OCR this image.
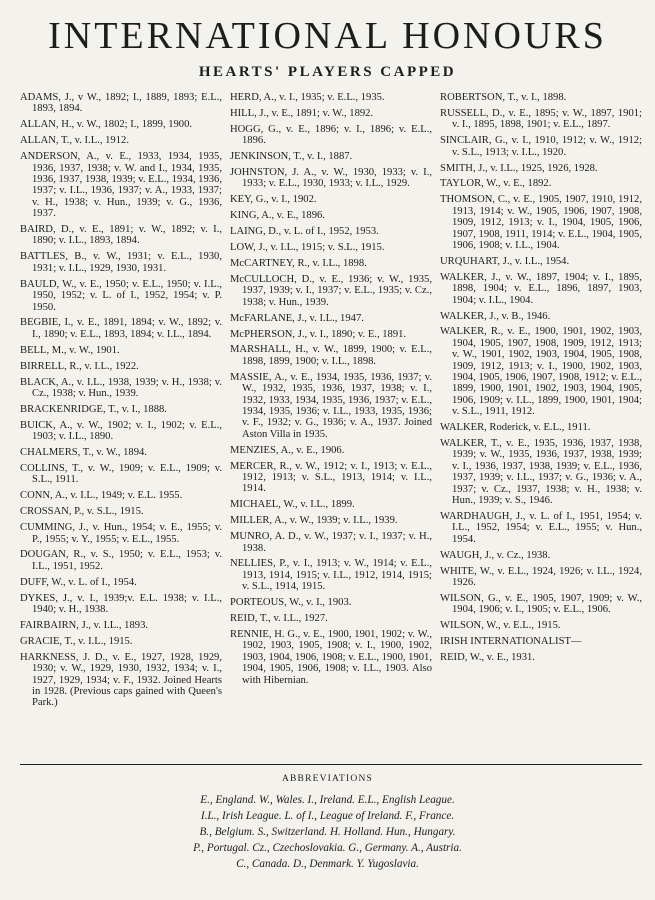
INTERNATIONAL HONOURS
HEARTS' PLAYERS CAPPED

ADAMS, J., v W., 1892; I., 1889, 1893; E.L., 1893, 1894.

ALLAN, H., v. W., 1802; I., 1899, 1900.

ALLAN, T., v. I.L., 1912.

ANDERSON, A., v. E., 1933, 1934, 1935, 1936, 1937, 1938; v. W. and I., 1934, 1935, 1936, 1937, 1938, 1939; v. E.L., 1934, 1936, 1937; v. I.L., 1936, 1937; v. A., 1933, 1937; v. H., 1938; v. Hun., 1939; v. G., 1936, 1937.

BAIRD, D., v. E., 1891; v. W., 1892; v. I., 1890; v. I.L., 1893, 1894.

BATTLES, B., v. W., 1931; v. E.L., 1930, 1931; v. I.L., 1929, 1930, 1931.

BAULD, W., v. E., 1950; v. E.L., 1950; v. I.L., 1950, 1952; v. L. of I., 1952, 1954; v. P. 1950.

BEGBIE, I., v. E., 1891, 1894; v. W., 1892; v. I., 1890; v. E.L., 1893, 1894; v. I.L., 1894.

BELL, M., v. W., 1901.

BIRRELL, R., v. I.L., 1922.

BLACK, A., v. I.L., 1938, 1939; v. H., 1938; v. Cz., 1938; v. Hun., 1939.

BRACKENRIDGE, T., v. I., 1888.

BUICK, A., v. W., 1902; v. I., 1902; v. E.L., 1903; v. I.L., 1890.

CHALMERS, T., v. W., 1894.

COLLINS, T., v. W., 1909; v. E.L., 1909; v. S.L., 1911.

CONN, A., v. I.L., 1949; v. E.L. 1955.

CROSSAN, P., v. S.L., 1915.

CUMMING, J., v. Hun., 1954; v. E., 1955; v. P., 1955; v. Y., 1955; v. E.L., 1955.

DOUGAN, R., v. S., 1950; v. E.L., 1953; v. I.L., 1951, 1952.

DUFF, W., v. L. of I., 1954.

DYKES, J., v. I., 1939;v. E.L. 1938; v. I.L., 1940; v. H., 1938.

FAIRBAIRN, J., v. I.L., 1893.

GRACIE, T., v. I.L., 1915.

HARKNESS, J. D., v. E., 1927, 1928, 1929, 1930; v. W., 1929, 1930, 1932, 1934; v. I., 1927, 1929, 1934; v. F., 1932. Joined Hearts in 1928. (Previous caps gained with Queen's Park.)

HERD, A., v. I., 1935; v. E.L., 1935.

HILL, J., v. E., 1891; v. W., 1892.

HOGG, G., v. E., 1896; v. I., 1896; v. E.L., 1896.

JENKINSON, T., v. I., 1887.

JOHNSTON, J. A., v. W., 1930, 1933; v. I., 1933; v. E.L., 1930, 1933; v. I.L., 1929.

KEY, G., v. I., 1902.

KING, A., v. E., 1896.

LAING, D., v. L. of I., 1952, 1953.

LOW, J., v. I.L., 1915; v. S.L., 1915.

McCARTNEY, R., v. I.L., 1898.

McCULLOCH, D., v. E., 1936; v. W., 1935, 1937, 1939; v. I., 1937; v. E.L., 1935; v. Cz., 1938; v. Hun., 1939.

McFARLANE, J., v. I.L., 1947.

McPHERSON, J., v. I., 1890; v. E., 1891.

MARSHALL, H., v. W., 1899, 1900; v. E.L., 1898, 1899, 1900; v. I.L., 1898.

MASSIE, A., v. E., 1934, 1935, 1936, 1937; v. W., 1932, 1935, 1936, 1937, 1938; v. I., 1932, 1933, 1934, 1935, 1936, 1937; v. E.L., 1934, 1935, 1936; v. I.L., 1933, 1935, 1936; v. F., 1932; v. G., 1936; v. A., 1937. Joined Aston Villa in 1935.

MENZIES, A., v. E., 1906.

MERCER, R., v. W., 1912; v. I., 1913; v. E.L., 1912, 1913; v. S.L., 1913, 1914; v. I.L., 1914.

MICHAEL, W., v. I.L., 1899.

MILLER, A., v. W., 1939; v. I.L., 1939.

MUNRO, A. D., v. W., 1937; v. I., 1937; v. H., 1938.

NELLIES, P., v. I., 1913; v. W., 1914; v. E.L., 1913, 1914, 1915; v. I.L., 1912, 1914, 1915; v. S.L., 1914, 1915.

PORTEOUS, W., v. I., 1903.

REID, T., v. I.L., 1927.

RENNIE, H. G., v. E., 1900, 1901, 1902; v. W., 1902, 1903, 1905, 1908; v. I., 1900, 1902, 1903, 1904, 1906, 1908; v. E.L., 1900, 1901, 1904, 1905, 1906, 1908; v. I.L., 1903. Also with Hibernian.

ROBERTSON, T., v. I., 1898.

RUSSELL, D., v. E., 1895; v. W., 1897, 1901; v. I., 1895, 1898, 1901; v. E.L., 1897.

SINCLAIR, G., v. I., 1910, 1912; v. W., 1912; v. S.L., 1913; v. I.L., 1920.

SMITH, J., v. I.L., 1925, 1926, 1928.

TAYLOR, W., v. E., 1892.

THOMSON, C., v. E., 1905, 1907, 1910, 1912, 1913, 1914; v. W., 1905, 1906, 1907, 1908, 1909, 1912, 1913; v. I., 1904, 1905, 1906, 1907, 1908, 1911, 1914; v. E.L., 1904, 1905, 1906, 1908; v. I.L., 1904.

URQUHART, J., v. I.L., 1954.

WALKER, J., v. W., 1897, 1904; v. I., 1895, 1898, 1904; v. E.L., 1896, 1897, 1903, 1904; v. I.L., 1904.

WALKER, J., v. B., 1946.

WALKER, R., v. E., 1900, 1901, 1902, 1903, 1904, 1905, 1907, 1908, 1909, 1912, 1913; v. W., 1901, 1902, 1903, 1904, 1905, 1908, 1909, 1912, 1913; v. I., 1900, 1902, 1903, 1904, 1905, 1906, 1907, 1908, 1912; v. E.L., 1899, 1900, 1901, 1902, 1903, 1904, 1905, 1906, 1909; v. I.L., 1899, 1900, 1901, 1904; v. S.L., 1911, 1912.

WALKER, Roderick, v. E.L., 1911.

WALKER, T., v. E., 1935, 1936, 1937, 1938, 1939; v. W., 1935, 1936, 1937, 1938, 1939; v. I., 1936, 1937, 1938, 1939; v. E.L., 1936, 1937, 1939; v. I.L., 1937; v. G., 1936; v. A., 1937; v. Cz., 1937, 1938; v. H., 1938; v. Hun., 1939; v. S., 1946.

WARDHAUGH, J., v. L. of I., 1951, 1954; v. I.L., 1952, 1954; v. E.L., 1955; v. Hun., 1954.

WAUGH, J., v. Cz., 1938.

WHITE, W., v. E.L., 1924, 1926; v. I.L., 1924, 1926.

WILSON, G., v. E., 1905, 1907, 1909; v. W., 1904, 1906; v. I., 1905; v. E.L., 1906.

WILSON, W., v. E.L., 1915.

IRISH INTERNATIONALIST—

REID, W., v. E., 1931.

ABBREVIATIONS

E., England. W., Wales. I., Ireland. E.L., English League.

I.L., Irish League. L. of I., League of Ireland. F., France.

B., Belgium. S., Switzerland. H. Holland. Hun., Hungary.

P., Portugal. Cz., Czechoslovakia. G., Germany. A., Austria.

C., Canada. D., Denmark. Y. Yugoslavia.
